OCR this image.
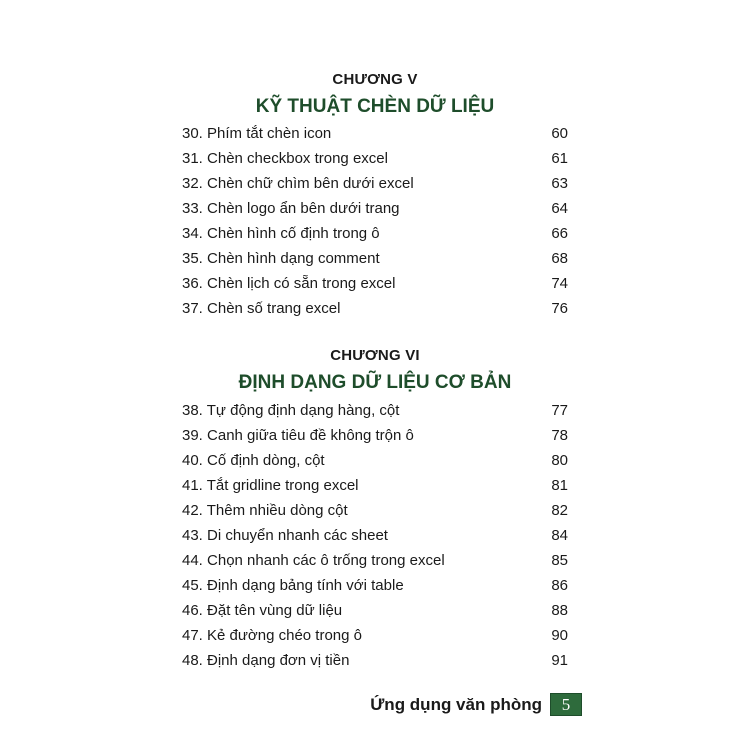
CHƯƠNG V
KỸ THUẬT CHÈN DỮ LIỆU
30. Phím tắt chèn icon	60
31. Chèn checkbox trong excel	61
32. Chèn chữ chìm bên dưới excel	63
33. Chèn logo ẩn bên dưới trang	64
34. Chèn hình cố định trong ô	66
35. Chèn hình dạng comment	68
36. Chèn lịch có sẵn trong excel	74
37. Chèn số trang excel	76
CHƯƠNG VI
ĐỊNH DẠNG DỮ LIỆU CƠ BẢN
38. Tự động định dạng hàng, cột	77
39. Canh giữa tiêu đề không trộn ô	78
40. Cố định dòng, cột	80
41. Tắt gridline trong excel	81
42. Thêm nhiều dòng cột	82
43. Di chuyển nhanh các sheet	84
44. Chọn nhanh các ô trống trong excel	85
45. Định dạng bảng tính với table	86
46. Đặt tên vùng dữ liệu	88
47. Kẻ đường chéo trong ô	90
48. Định dạng đơn vị tiền	91
Ứng dụng văn phòng	5
